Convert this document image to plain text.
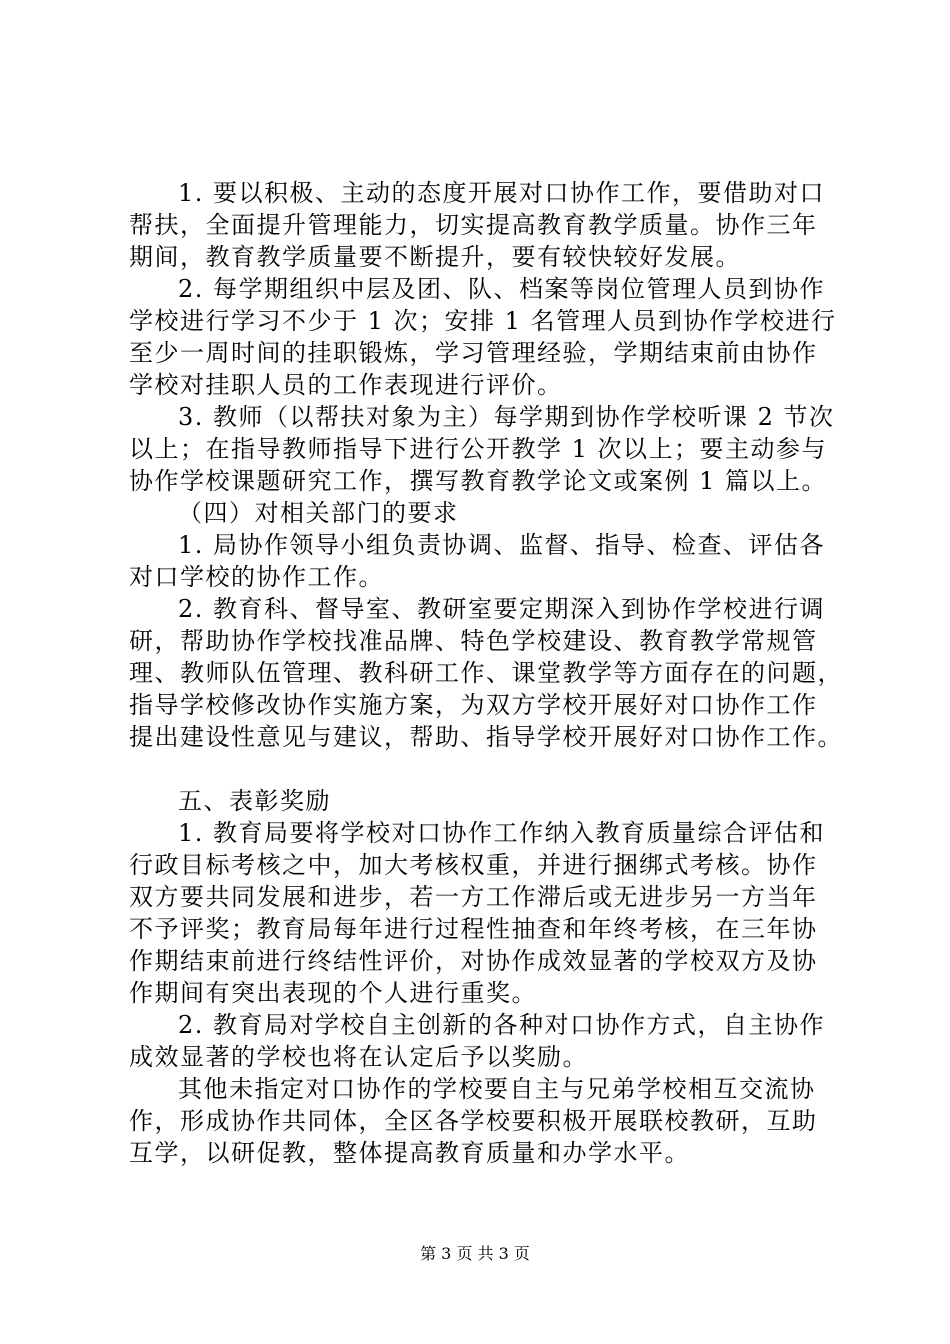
1. 要以积极、主动的态度开展对口协作工作，要借助对口
帮扶，全面提升管理能力，切实提高教育教学质量。协作三年
期间，教育教学质量要不断提升，要有较快较好发展。
2. 每学期组织中层及团、队、档案等岗位管理人员到协作
学校进行学习不少于 1 次；安排 1 名管理人员到协作学校进行
至少一周时间的挂职锻炼，学习管理经验，学期结束前由协作
学校对挂职人员的工作表现进行评价。
3. 教师（以帮扶对象为主）每学期到协作学校听课 2 节次
以上；在指导教师指导下进行公开教学 1 次以上；要主动参与
协作学校课题研究工作，撰写教育教学论文或案例 1 篇以上。
（四）对相关部门的要求
1. 局协作领导小组负责协调、监督、指导、检查、评估各
对口学校的协作工作。
2. 教育科、督导室、教研室要定期深入到协作学校进行调
研，帮助协作学校找准品牌、特色学校建设、教育教学常规管
理、教师队伍管理、教科研工作、课堂教学等方面存在的问题，
指导学校修改协作实施方案，为双方学校开展好对口协作工作
提出建设性意见与建议，帮助、指导学校开展好对口协作工作。
五、表彰奖励
1. 教育局要将学校对口协作工作纳入教育质量综合评估和
行政目标考核之中，加大考核权重，并进行捆绑式考核。协作
双方要共同发展和进步，若一方工作滞后或无进步另一方当年
不予评奖；教育局每年进行过程性抽查和年终考核，在三年协
作期结束前进行终结性评价，对协作成效显著的学校双方及协
作期间有突出表现的个人进行重奖。
2. 教育局对学校自主创新的各种对口协作方式，自主协作
成效显著的学校也将在认定后予以奖励。
其他未指定对口协作的学校要自主与兄弟学校相互交流协
作，形成协作共同体，全区各学校要积极开展联校教研，互助
互学，以研促教，整体提高教育质量和办学水平。
第 3 页 共 3 页
